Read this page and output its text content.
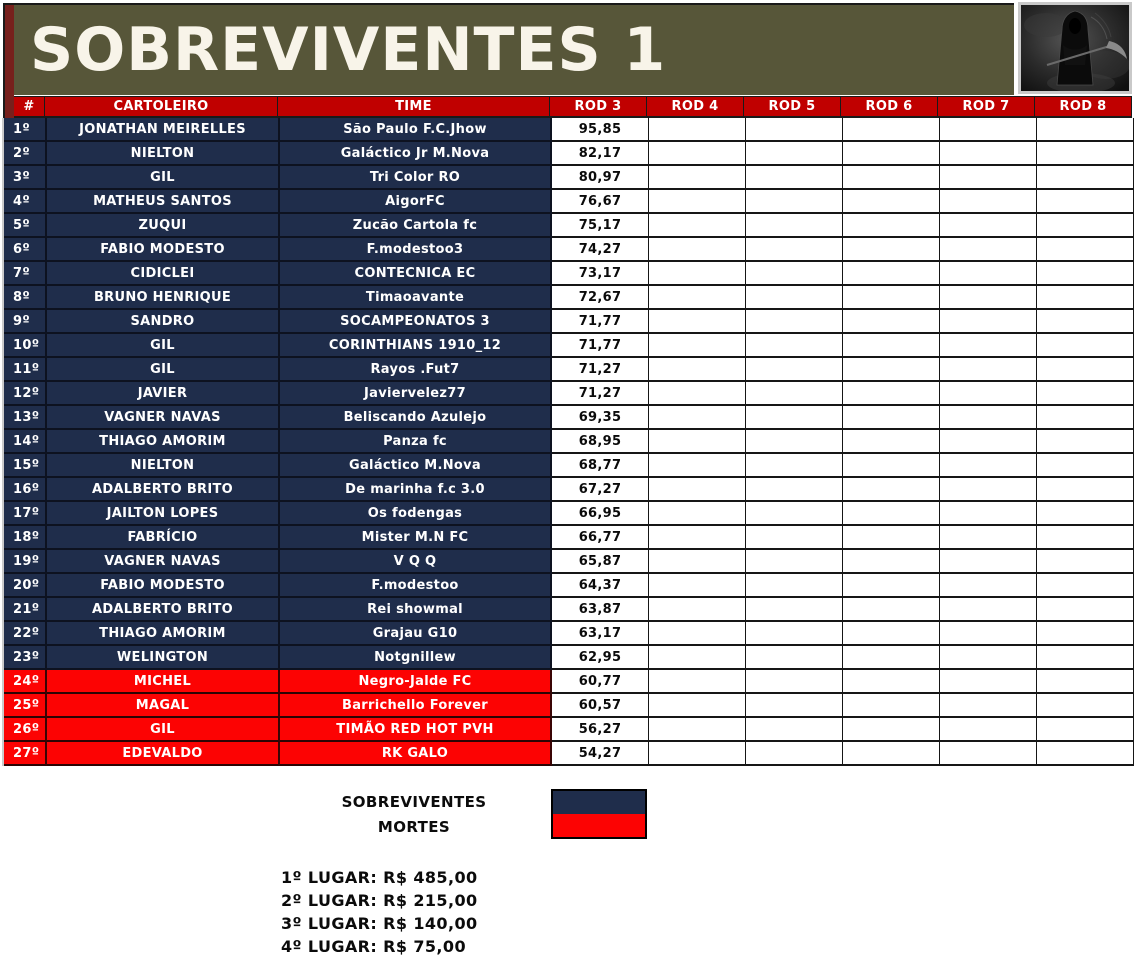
SOBREVIVENTES 1
#	CARTOLEIRO	TIME	ROD 3	ROD 4	ROD 5	ROD 6	ROD 7	ROD 8
1º	JONATHAN MEIRELLES	São Paulo F.C.Jhow	95,85
2º	NIELTON	Galáctico Jr M.Nova	82,17
3º	GIL	Tri Color RO	80,97
4º	MATHEUS SANTOS	AigorFC	76,67
5º	ZUQUI	Zucão Cartola fc	75,17
6º	FABIO MODESTO	F.modestoo3	74,27
7º	CIDICLEI	CONTECNICA EC	73,17
8º	BRUNO HENRIQUE	Timaoavante	72,67
9º	SANDRO	SOCAMPEONATOS 3	71,77
10º	GIL	CORINTHIANS 1910_12	71,77
11º	GIL	Rayos .Fut7	71,27
12º	JAVIER	Javiervelez77	71,27
13º	VAGNER NAVAS	Beliscando Azulejo	69,35
14º	THIAGO AMORIM	Panza fc	68,95
15º	NIELTON	Galáctico M.Nova	68,77
16º	ADALBERTO BRITO	De marinha f.c 3.0	67,27
17º	JAILTON LOPES	Os fodengas	66,95
18º	FABRÍCIO	Mister M.N FC	66,77
19º	VAGNER NAVAS	V Q Q	65,87
20º	FABIO MODESTO	F.modestoo	64,37
21º	ADALBERTO BRITO	Rei showmal	63,87
22º	THIAGO AMORIM	Grajau G10	63,17
23º	WELINGTON	Notgnillew	62,95
24º	MICHEL	Negro-Jalde FC	60,77
25º	MAGAL	Barrichello Forever	60,57
26º	GIL	TIMÃO RED HOT PVH	56,27
27º	EDEVALDO	RK GALO	54,27
SOBREVIVENTES
MORTES
1º LUGAR: R$ 485,00
2º LUGAR: R$ 215,00
3º LUGAR: R$ 140,00
4º LUGAR: R$ 75,00
